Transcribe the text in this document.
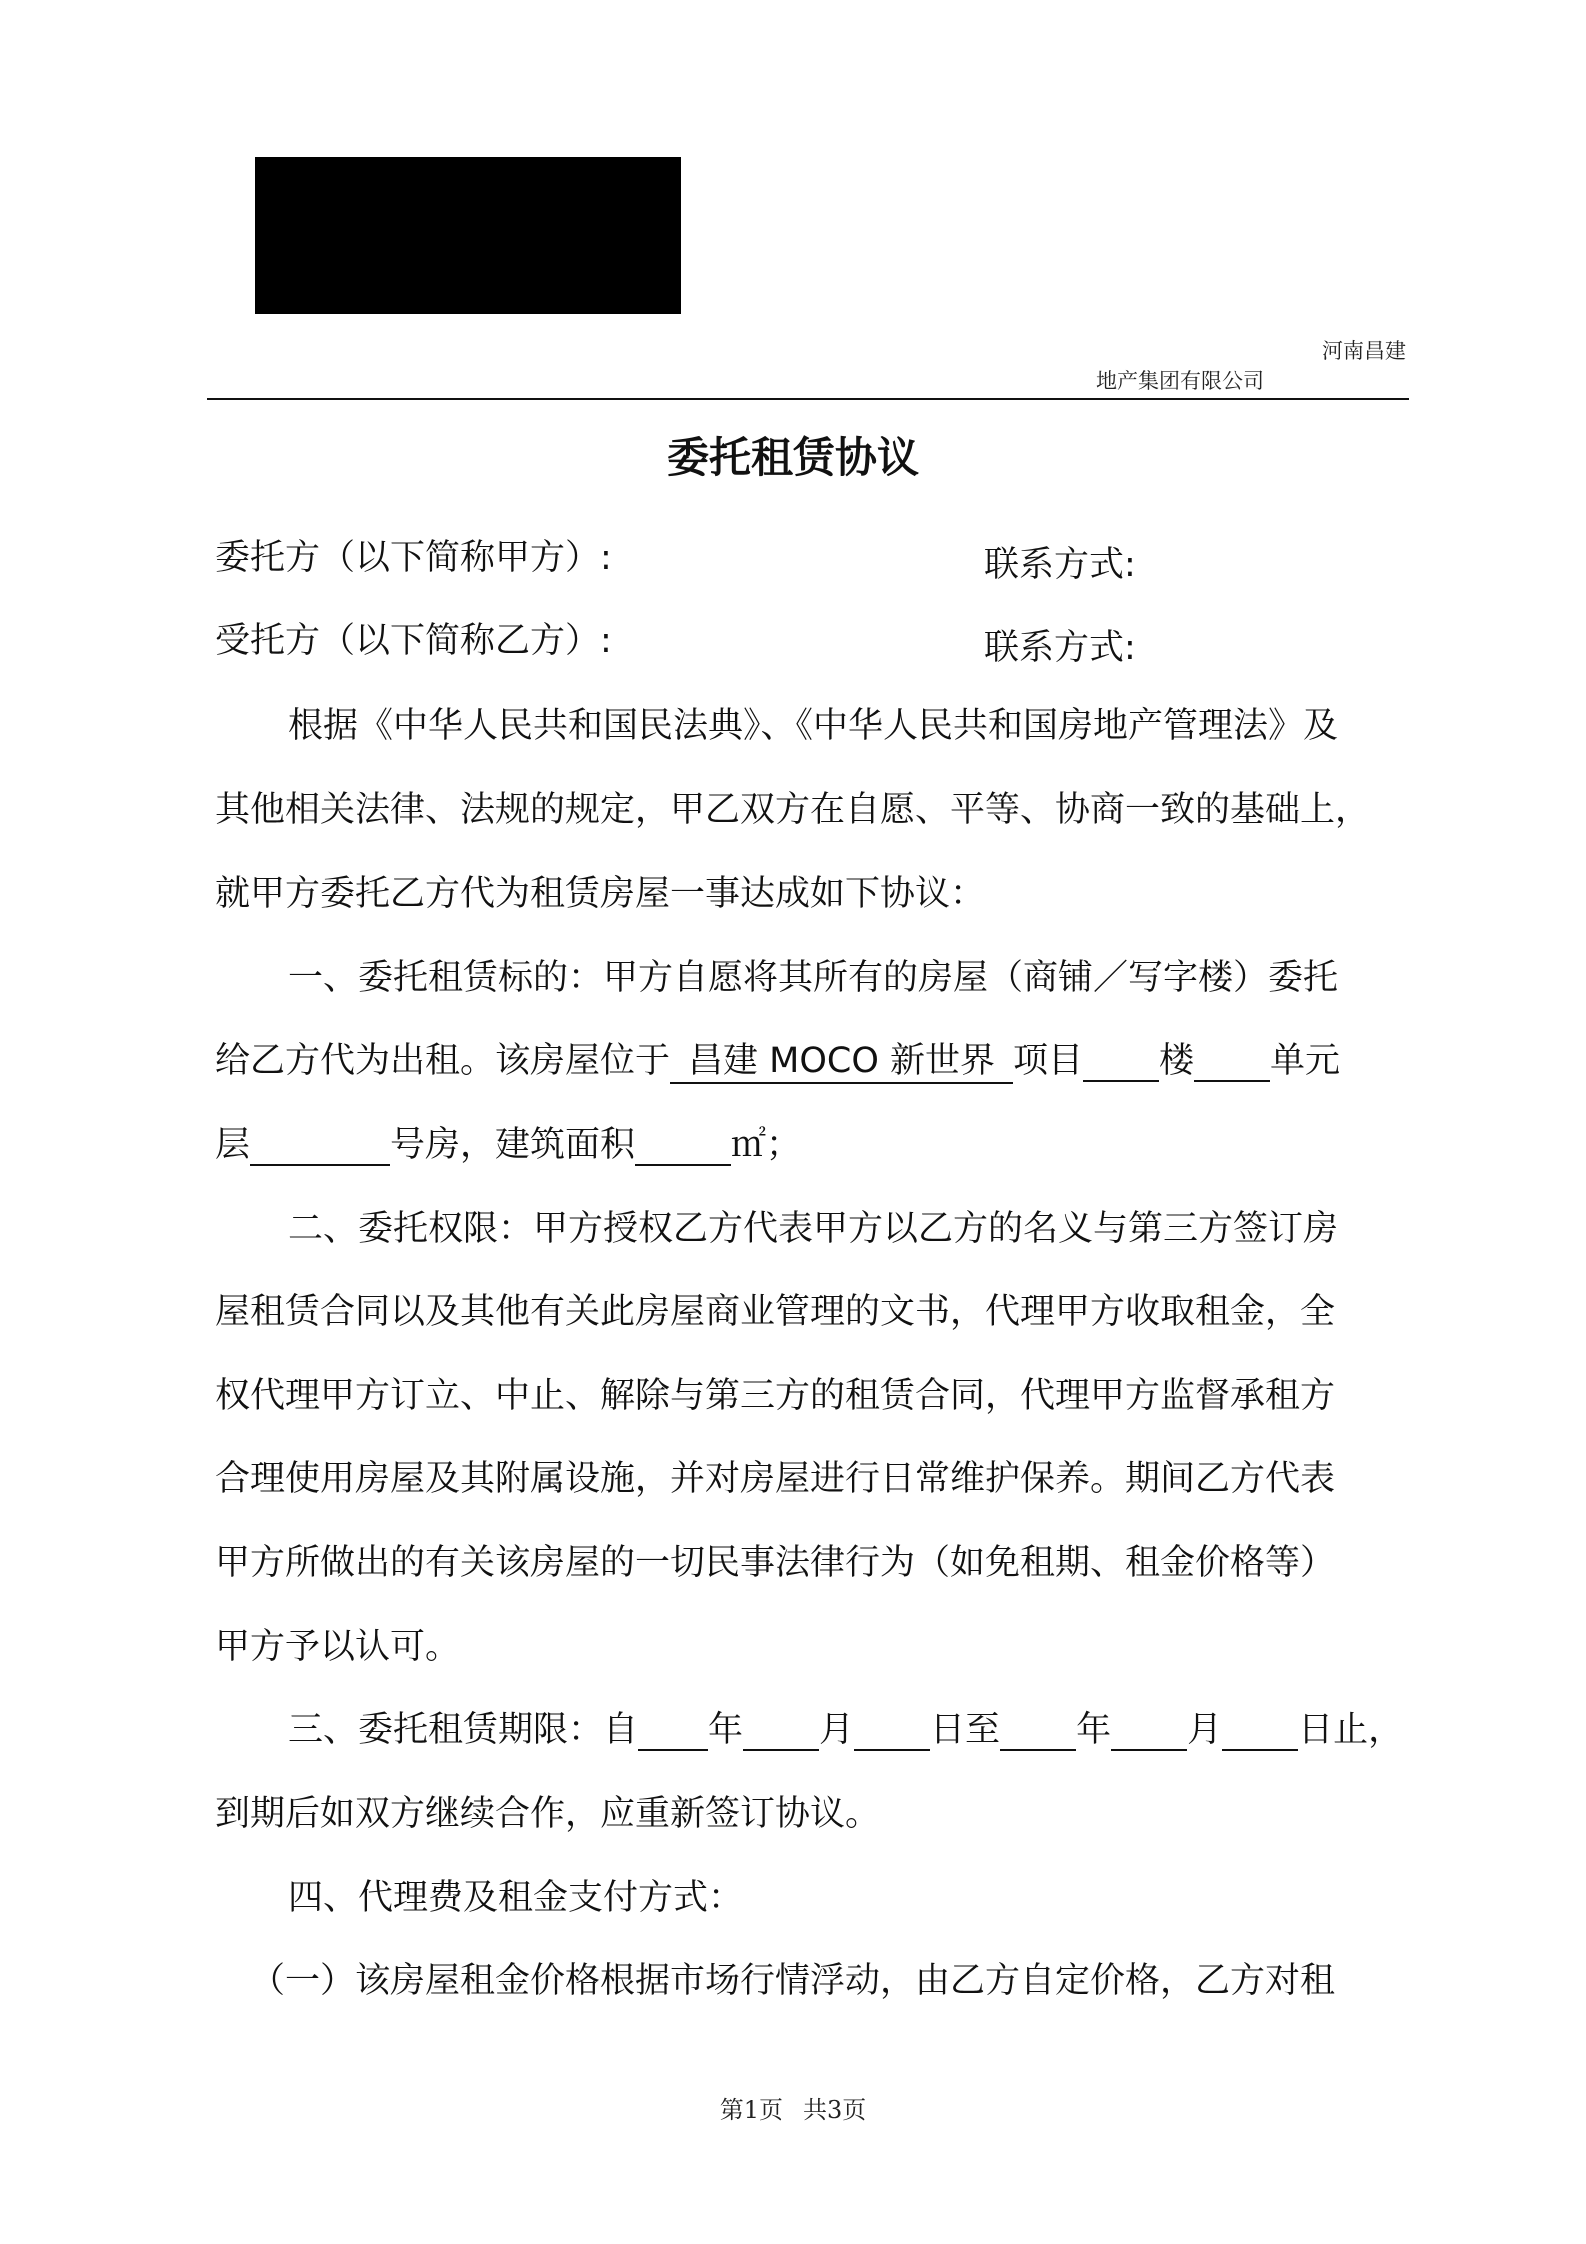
河南昌建
地产集团有限公司
委托租赁协议
委托方（以下简称甲方）:	联系方式:
受托方（以下简称乙方）:	联系方式:
根据《中华人民共和国民法典》、《中华人民共和国房地产管理法》及
其他相关法律、法规的规定，甲乙双方在自愿、平等、协商一致的基础上，
就甲方委托乙方代为租赁房屋一事达成如下协议：
一、委托租赁标的：甲方自愿将其所有的房屋（商铺／写字楼）委托
给乙方代为出租。该房屋位于 昌建 MOCO 新世界 项目 楼 单元
层	号房，建筑面积	㎡；
二、委托权限：甲方授权乙方代表甲方以乙方的名义与第三方签订房
屋租赁合同以及其他有关此房屋商业管理的文书，代理甲方收取租金，全
权代理甲方订立、中止、解除与第三方的租赁合同，代理甲方监督承租方
合理使用房屋及其附属设施，并对房屋进行日常维护保养。期间乙方代表
甲方所做出的有关该房屋的一切民事法律行为（如免租期、租金价格等）
甲方予以认可。
三、委托租赁期限：自 年 月 日至 年 月 日止，
到期后如双方继续合作，应重新签订协议。
四、代理费及租金支付方式：
（一）该房屋租金价格根据市场行情浮动，由乙方自定价格，乙方对租
第1页 共3页
